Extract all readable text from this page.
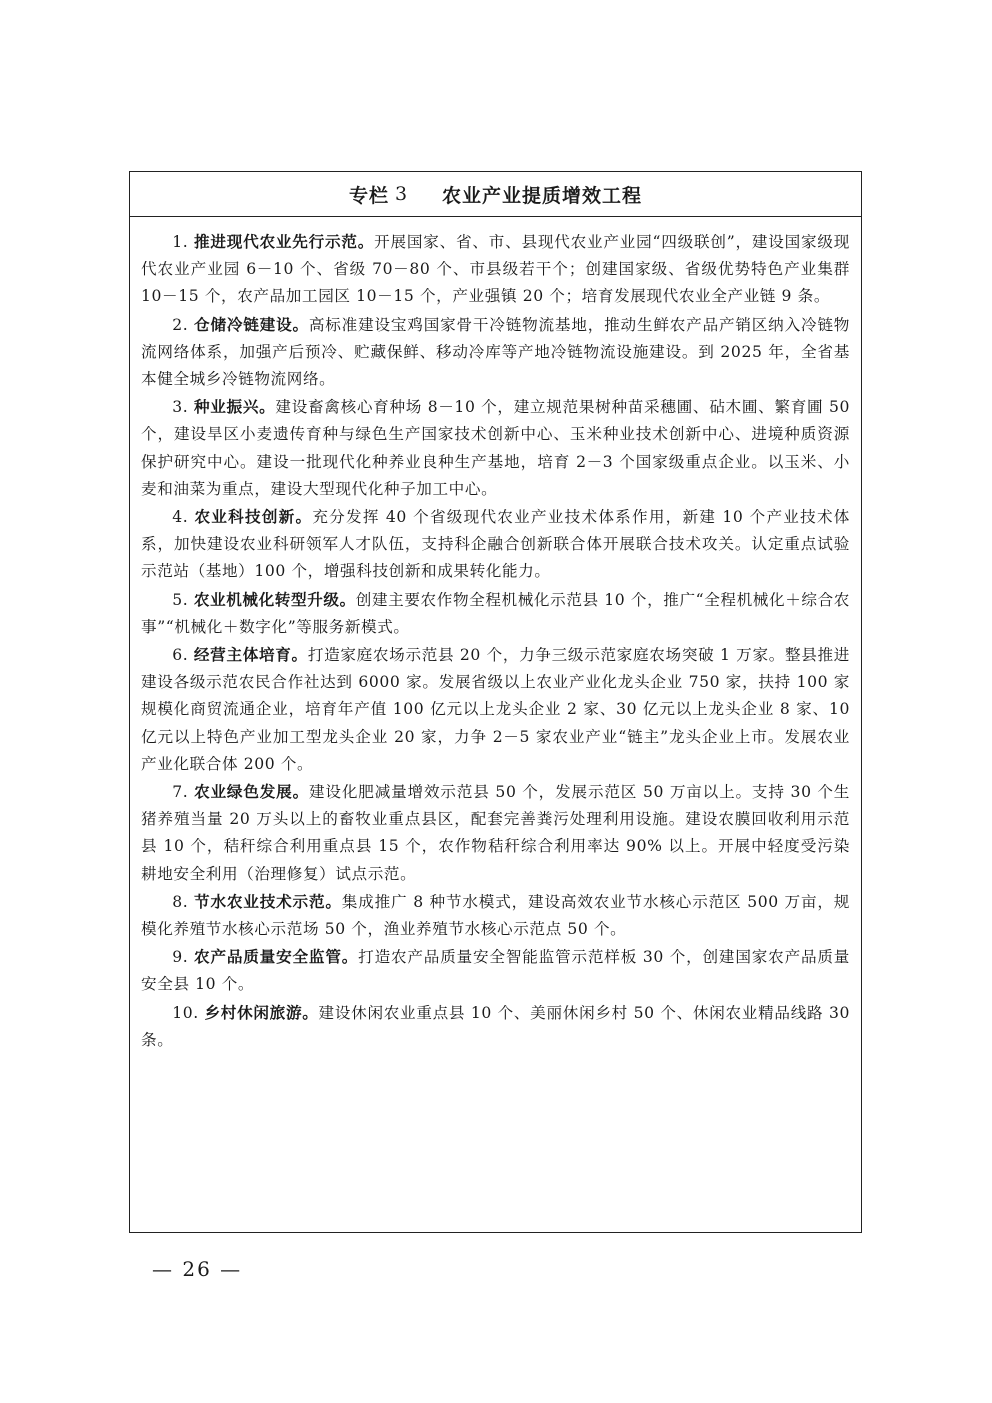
专栏 3 农业产业提质增效工程

1. 推进现代农业先行示范。开展国家、省、市、县现代农业产业园“四级联创”，建设国家级现代农业产业园 6－10 个、省级 70－80 个、市县级若干个；创建国家级、省级优势特色产业集群 10－15 个，农产品加工园区 10－15 个，产业强镇 20 个；培育发展现代农业全产业链 9 条。

2. 仓储冷链建设。高标准建设宝鸡国家骨干冷链物流基地，推动生鲜农产品产销区纳入冷链物流网络体系，加强产后预冷、贮藏保鲜、移动冷库等产地冷链物流设施建设。到 2025 年，全省基本健全城乡冷链物流网络。

3. 种业振兴。建设畜禽核心育种场 8－10 个，建立规范果树种苗采穗圃、砧木圃、繁育圃 50 个，建设旱区小麦遗传育种与绿色生产国家技术创新中心、玉米种业技术创新中心、进境种质资源保护研究中心。建设一批现代化种养业良种生产基地，培育 2－3 个国家级重点企业。以玉米、小麦和油菜为重点，建设大型现代化种子加工中心。

4. 农业科技创新。充分发挥 40 个省级现代农业产业技术体系作用，新建 10 个产业技术体系，加快建设农业科研领军人才队伍，支持科企融合创新联合体开展联合技术攻关。认定重点试验示范站（基地）100 个，增强科技创新和成果转化能力。

5. 农业机械化转型升级。创建主要农作物全程机械化示范县 10 个，推广“全程机械化＋综合农事”“机械化＋数字化”等服务新模式。

6. 经营主体培育。打造家庭农场示范县 20 个，力争三级示范家庭农场突破 1 万家。整县推进建设各级示范农民合作社达到 6000 家。发展省级以上农业产业化龙头企业 750 家，扶持 100 家规模化商贸流通企业，培育年产值 100 亿元以上龙头企业 2 家、30 亿元以上龙头企业 8 家、10 亿元以上特色产业加工型龙头企业 20 家，力争 2－5 家农业产业“链主”龙头企业上市。发展农业产业化联合体 200 个。

7. 农业绿色发展。建设化肥减量增效示范县 50 个，发展示范区 50 万亩以上。支持 30 个生猪养殖当量 20 万头以上的畜牧业重点县区，配套完善粪污处理利用设施。建设农膜回收利用示范县 10 个，秸秆综合利用重点县 15 个，农作物秸秆综合利用率达 90% 以上。开展中轻度受污染耕地安全利用（治理修复）试点示范。

8. 节水农业技术示范。集成推广 8 种节水模式，建设高效农业节水核心示范区 500 万亩，规模化养殖节水核心示范场 50 个，渔业养殖节水核心示范点 50 个。

9. 农产品质量安全监管。打造农产品质量安全智能监管示范样板 30 个，创建国家农产品质量安全县 10 个。

10. 乡村休闲旅游。建设休闲农业重点县 10 个、美丽休闲乡村 50 个、休闲农业精品线路 30 条。

— 26 —
